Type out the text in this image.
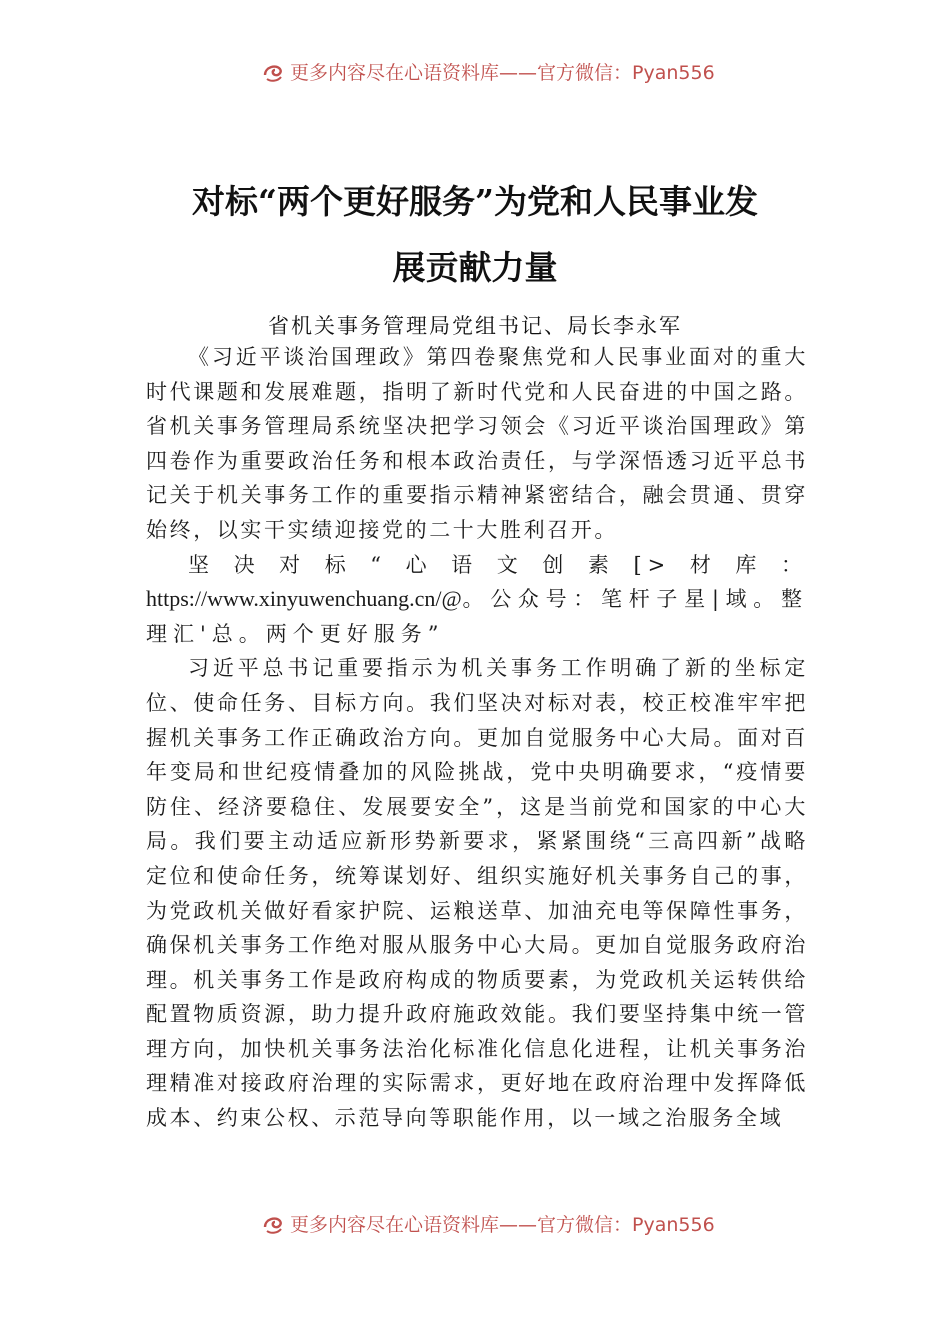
更多内容尽在心语资料库——官方微信：Pyan556
对标“两个更好服务”为党和人民事业发
展贡献力量
省机关事务管理局党组书记、局长李永军

《习近平谈治国理政》第四卷聚焦党和人民事业面对的重大时代课题和发展难题，指明了新时代党和人民奋进的中国之路。省机关事务管理局系统坚决把学习领会《习近平谈治国理政》第四卷作为重要政治任务和根本政治责任，与学深悟透习近平总书记关于机关事务工作的重要指示精神紧密结合，融会贯通、贯穿始终，以实干实绩迎接党的二十大胜利召开。

坚决对标“心语文创素[>材库：https://www.xinyuwenchuang.cn/@。公众号：笔杆子星|域。整理汇'总。两个更好服务”

习近平总书记重要指示为机关事务工作明确了新的坐标定位、使命任务、目标方向。我们坚决对标对表，校正校准牢牢把握机关事务工作正确政治方向。更加自觉服务中心大局。面对百年变局和世纪疫情叠加的风险挑战，党中央明确要求，“疫情要防住、经济要稳住、发展要安全”，这是当前党和国家的中心大局。我们要主动适应新形势新要求，紧紧围绕“三高四新”战略定位和使命任务，统筹谋划好、组织实施好机关事务自己的事，为党政机关做好看家护院、运粮送草、加油充电等保障性事务，确保机关事务工作绝对服从服务中心大局。更加自觉服务政府治理。机关事务工作是政府构成的物质要素，为党政机关运转供给配置物质资源，助力提升政府施政效能。我们要坚持集中统一管理方向，加快机关事务法治化标准化信息化进程，让机关事务治理精准对接政府治理的实际需求，更好地在政府治理中发挥降低成本、约束公权、示范导向等职能作用，以一域之治服务全域

更多内容尽在心语资料库——官方微信：Pyan556
